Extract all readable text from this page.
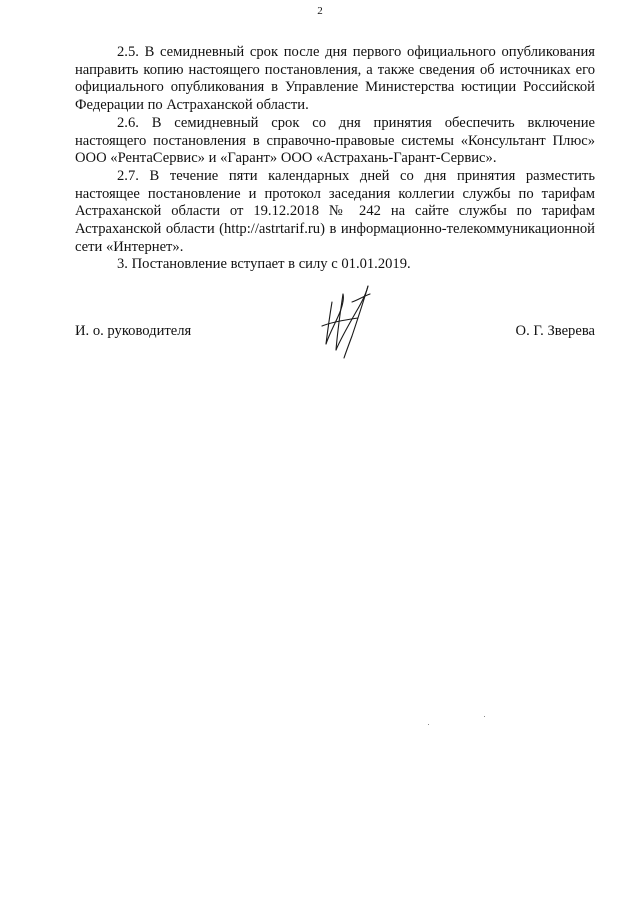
2

2.5. В семидневный срок после дня первого официального опубликования направить копию настоящего постановления, а также сведения об источниках его официального опубликования в Управление Министерства юстиции Российской Федерации по Астраханской области.

2.6. В семидневный срок со дня принятия обеспечить включение настоящего постановления в справочно-правовые системы «Консультант Плюс» ООО «РентаСервис» и «Гарант» ООО «Астрахань-Гарант-Сервис».

2.7. В течение пяти календарных дней со дня принятия разместить настоящее постановление и протокол заседания коллегии службы по тарифам Астраханской области от 19.12.2018 № 242 на сайте службы по тарифам Астраханской области (http://astrtarif.ru) в информационно-телекоммуникационной сети «Интернет».

3. Постановление вступает в силу с 01.01.2019.

И. о. руководителя	О. Г. Зверева
